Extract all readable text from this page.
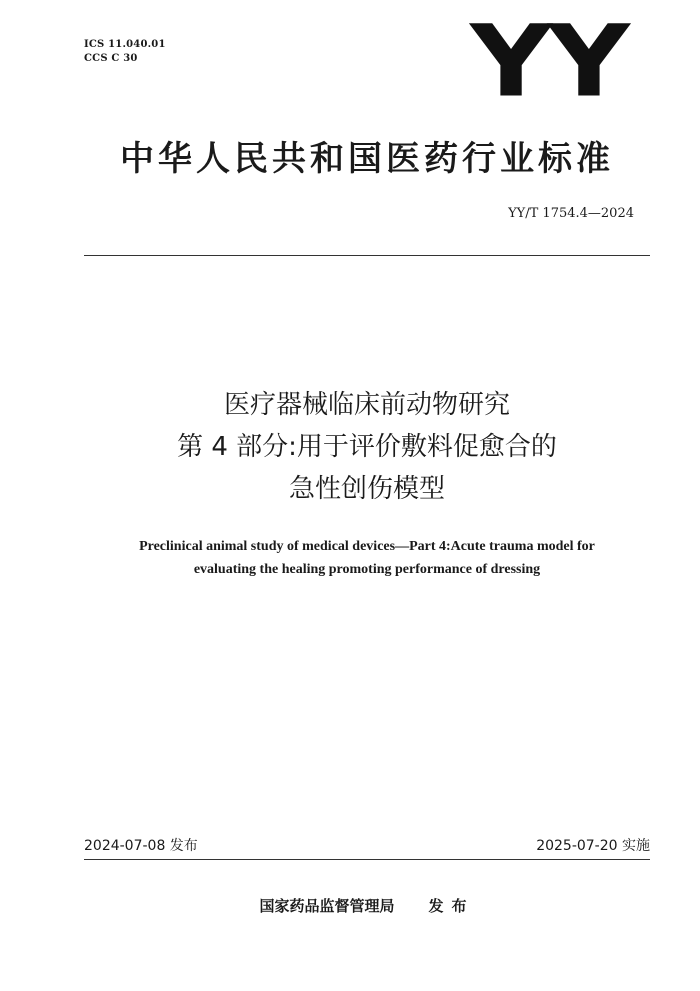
ICS 11.040.01
CCS C 30	YY
中华人民共和国医药行业标准
YY/T 1754.4—2024
医疗器械临床前动物研究
第 4 部分:用于评价敷料促愈合的
急性创伤模型
Preclinical animal study of medical devices—Part 4:Acute trauma model for
evaluating the healing promoting performance of dressing
2024-07-08 发布	2025-07-20 实施
国家药品监督管理局 发布
